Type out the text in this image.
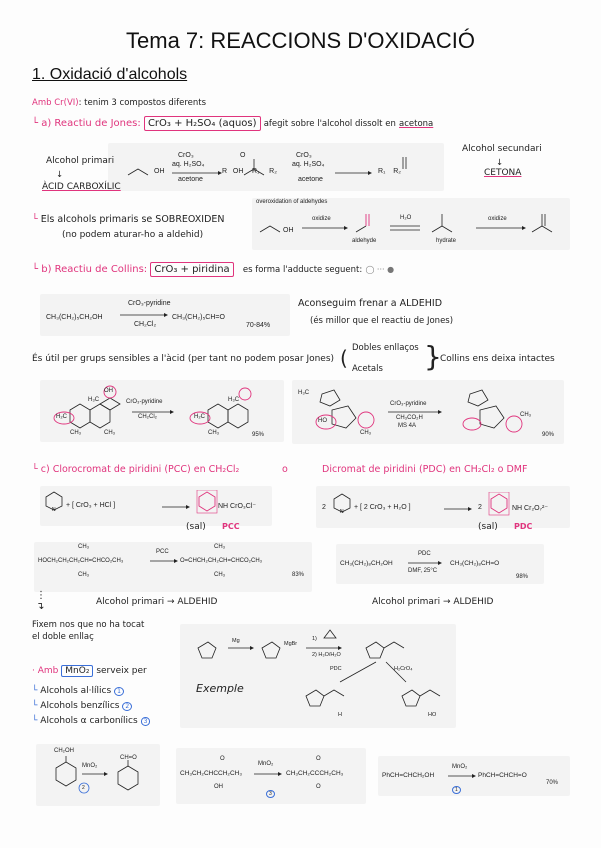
Tema 7: REACCIONS D'OXIDACIÓ
1. Oxidació d'alcohols
Amb Cr(VI): tenim 3 compostos diferents
└ a) Reactiu de Jones: CrO₃ + H₂SO₄ (aquos) afegit sobre l'alcohol dissolt en acetona
OH
CrO₃
aq. H₂SO₄
acetone
R   OH
O
R₁     R₂
CrO₃
aq. H₂SO₄
acetone
R₁    R₂
Alcohol primari
↓
ÀCID CARBOXÍLIC
Alcohol secundari
↓
CETONA
└ Els alcohols primaris se SOBREOXIDEN
(no podem aturar-ho a aldehid)
overoxidation of aldehydes
OH
oxidize
aldehyde
H₂O
hydrate
oxidize
└ b) Reactiu de Collins: CrO₃ + piridina es forma l'adducte seguent: ◯ ··· ●
CH₃(CH₂)₅CH₂OH
CrO₃-pyridine
CH₂Cl₂
CH₃(CH₂)₅CH=O
70-84%
Aconseguim frenar a ALDEHID
(és millor que el reactiu de Jones)
És útil per grups sensibles a l'àcid (per tant no podem posar Jones) ( Dobles enllaços
Acetals }
Collins ens deixa intactes
OH
H₃C
H₂C
CH₃	CH₃
CrO₃-pyridine
CH₂Cl₂	H₂C
H₃C
95%
CH₃
H₃C
HO
CH₃
CrO₃-pyridine
CH₃CO₂H
MS 4A
90%
CH₃
└ c) Clorocromat de piridini (PCC) en CH₂Cl₂	o	Dicromat de piridini (PDC) en CH₂Cl₂ o DMF
N
+ [ CrO₃ + HCl ]	NH CrO₃Cl⁻
(sal) PCC
2
N
+ [ 2 CrO₃ + H₂O ]	2	NH Cr₂O₇²⁻
(sal) PDC
CH₃
HOCH₂CH₂CH₂CH=CHCO₂CH₃
CH₃
PCC
CH₃
O=CHCH₂CH₂CH=CHCO₂CH₃
CH₃	83%
CH₃(CH₂)₈CH₂OH
PDC
DMF, 25°C
CH₃(CH₂)₈CH=O
98%
⋮
↴	Alcohol primari → ALDEHID	Alcohol primari → ALDEHID
Fixem nos que no ha tocat
el doble enllaç
· Amb MnO₂ serveix per
└ Alcohols al·lílics 1
└ Alcohols benzílics 2
└ Alcohols α carbonílics 3
Mg	MgBr
1)
2) H₃O/H₂O
PDC	H₂CrO₄
H	HO
Exemple
CH₂OH
MnO₂
CH=O
2
O
CH₃CH₂CHCCH₂CH₃
OH
MnO₂
O
CH₃CH₂CCCH₂CH₃
O
3
PhCH=CHCH₂OH
MnO₂
PhCH=CHCH=O
70%
1
